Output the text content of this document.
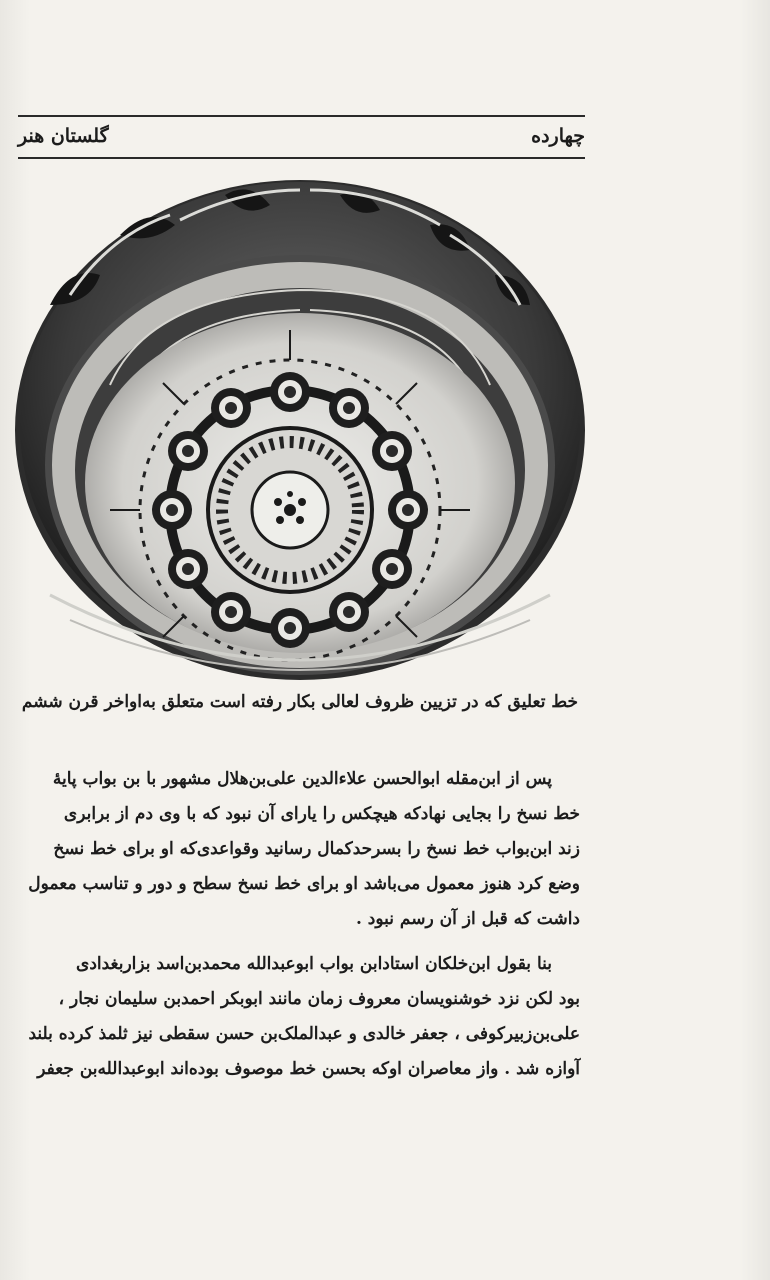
چهارده
گلستان هنر
خط تعلیق که در تزیین ظروف لعالی بکار رفته است متعلق به‌اواخر قرن ششم

پس از ابن‌مقله ابوالحسن علاءالدین علی‌بن‌هلال مشهور با بن بواب پایهٔ

خط نسخ را بجایی نهادکه هیچکس را یارای آن نبود که با وی دم از برابری

زند ابن‌بواب خط نسخ را بسرحدکمال رسانید وقواعدی‌که او برای خط نسخ

وضع کرد هنوز معمول می‌باشد او برای خط نسخ سطح و دور و تناسب معمول

داشت که قبل از آن رسم نبود .

بنا بقول ابن‌خلکان استادابن بواب ابوعبدالله محمدبن‌اسد بزاربغدادی

بود لکن نزد خوشنویسان معروف زمان مانند ابوبکر احمدبن سلیمان نجار ،

علی‌بن‌زبیرکوفی ، جعفر خالدی و عبدالملک‌بن حسن سقطی نیز ثلمذ کرده بلند

آوازه شد . واز معاصران اوکه بحسن خط موصوف بوده‌اند ابوعبدالله‌بن جعفر
